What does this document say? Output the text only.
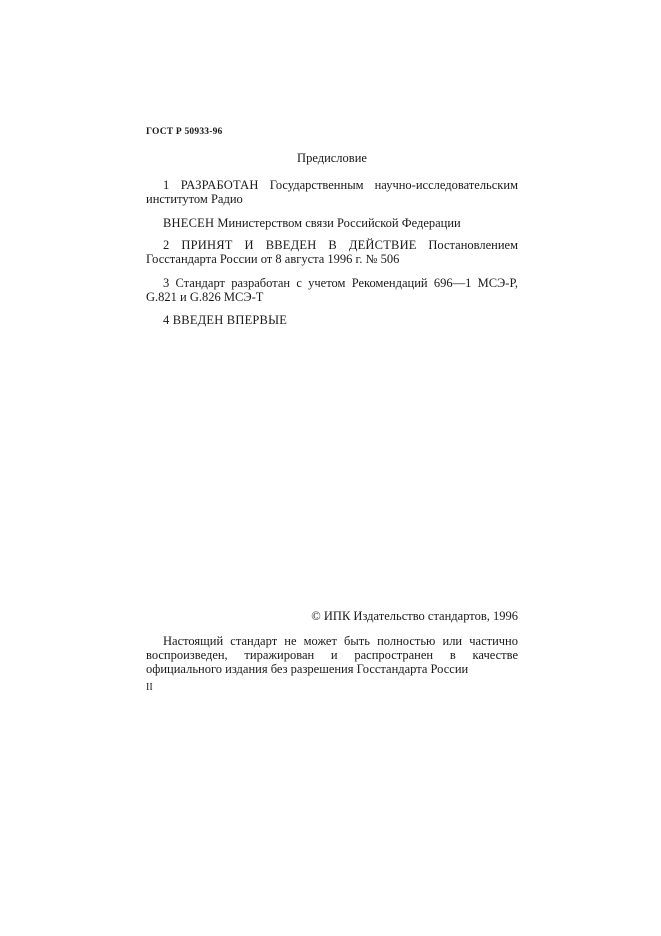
ГОСТ Р 50933-96
Предисловие
1 РАЗРАБОТАН Государственным научно-исследовательским институтом Радио
ВНЕСЕН Министерством связи Российской Федерации
2 ПРИНЯТ И ВВЕДЕН В ДЕЙСТВИЕ Постановлением Госстандарта России от 8 августа 1996 г. № 506
3 Стандарт разработан с учетом Рекомендаций 696—1 МСЭ-Р, G.821 и G.826 МСЭ-Т
4 ВВЕДЕН ВПЕРВЫЕ
© ИПК Издательство стандартов, 1996
Настоящий стандарт не может быть полностью или частично воспроизведен, тиражирован и распространен в качестве официального издания без разрешения Госстандарта России
II
